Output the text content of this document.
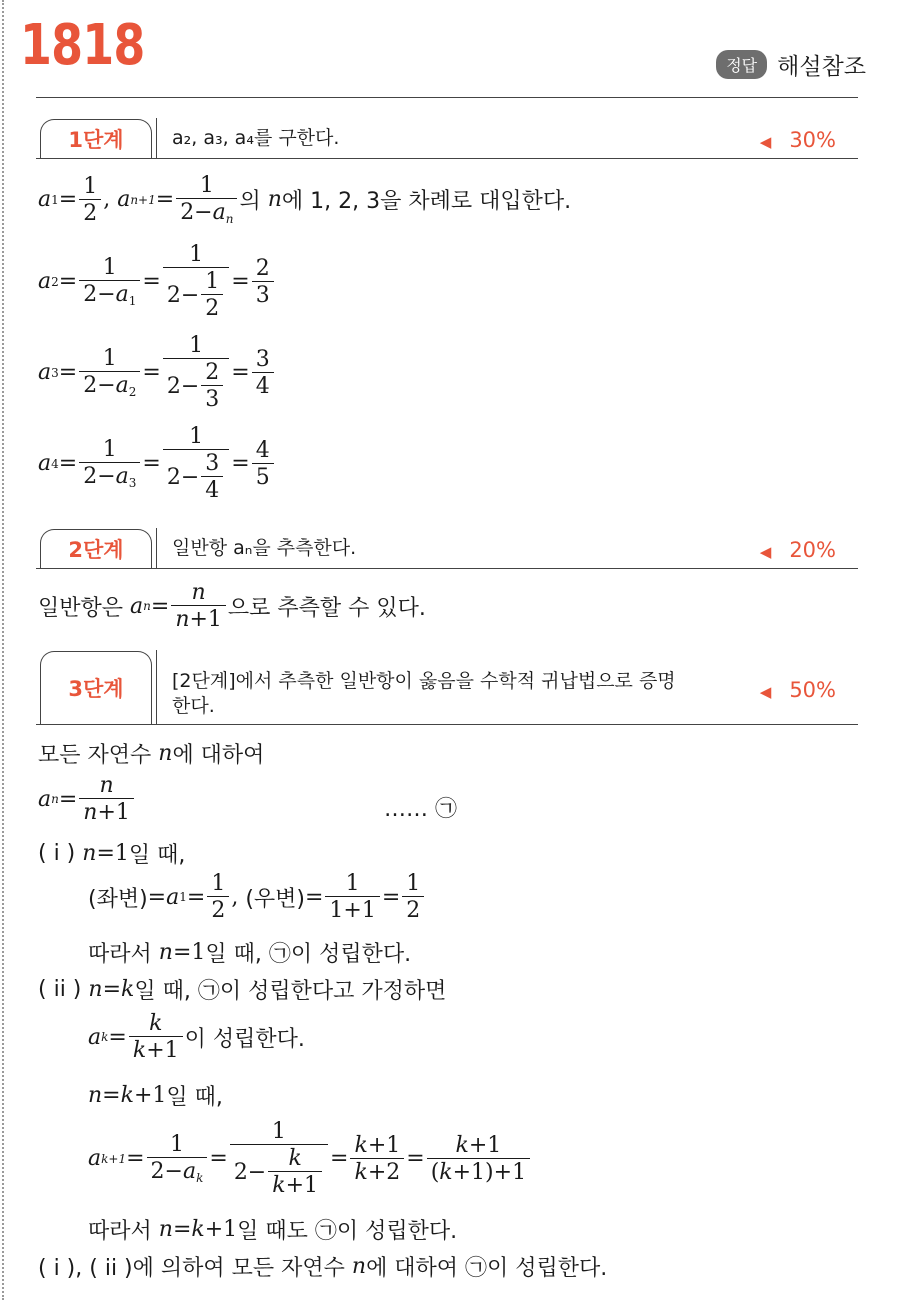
1818	정답 해설참조
1단계	a₂, a₃, a₄를 구한다.	◀ 30%
a $1 = \frac{1}{2}$ , a $n+1 = \frac{1}{2-a_n}$ 의 n 에 1, 2, 3을 차례로 대입한다.
a $2 = \frac{1}{2-a_1} = \frac{1}{2- \frac{1}{2}} = \frac{2}{3}$
a $3 = \frac{1}{2-a_2} = \frac{1}{2- \frac{2}{3}} = \frac{3}{4}$
a $4 = \frac{1}{2-a_3} = \frac{1}{2- \frac{3}{4}} = \frac{4}{5}$
2단계	일반항 aₙ을 추측한다.	◀ 20%
일반항은
a $n = \frac{n}{n+1}$ 으로 추측할 수 있다.
3단계	[2단계]에서 추측한 일반항이 옳음을 수학적 귀납법으로 증명
한다.
◀ 50%
모든 자연수
n 에 대하여
a $n = \frac{n}{n+1}$	…… ㉠
( i )
n =1 일 때,
(좌변) = a $1 = \frac{1}{2}$ , (우변) = $\frac{1}{1+1} = \frac{1}{2}$
따라서
n =1 일 때, ㉠이 성립한다.
( ii )
n = k 일 때, ㉠이 성립한다고 가정하면
a $k = \frac{k}{k+1}$ 이 성립한다.
n = k +1 일 때,
a $k+1 = \frac{1}{2-a_k} = \frac{1}{2- \frac{k}{k+1}} = \frac{k+1}{k+2} = \frac{k+1}{(k+1)+1}$
따라서
n = k +1 일 때도 ㉠이 성립한다.
( i ), ( ii )에 의하여 모든 자연수
n 에 대하여 ㉠이 성립한다.
